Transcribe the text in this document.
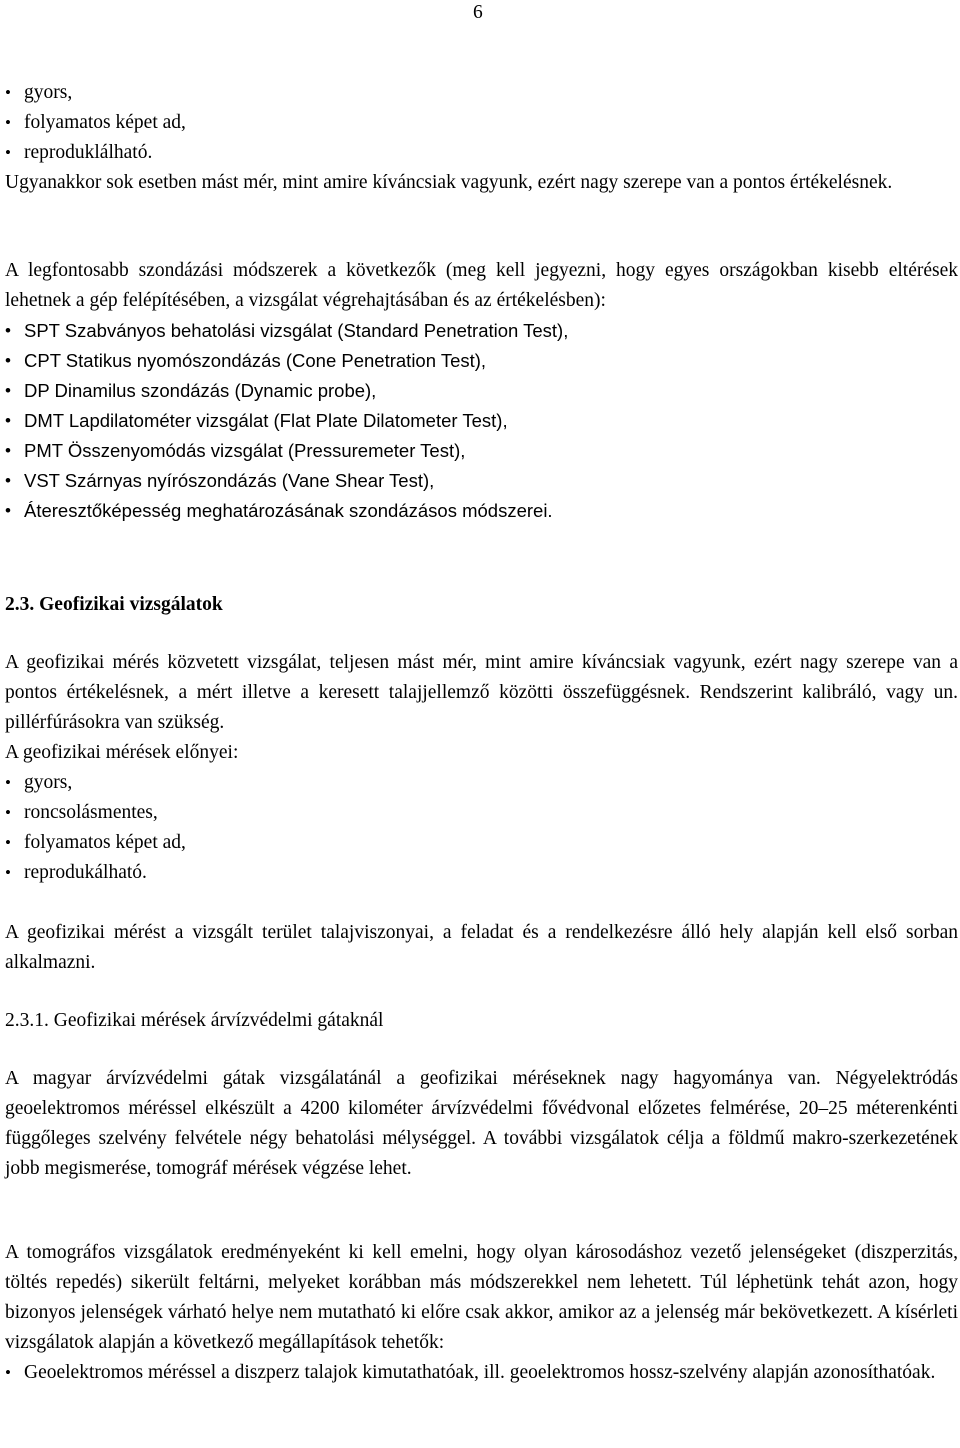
6
• gyors,
• folyamatos képet ad,
• reproduklálható.

Ugyanakkor sok esetben mást mér, mint amire kíváncsiak vagyunk, ezért nagy szerepe van a pontos értékelésnek.

A legfontosabb szondázási módszerek a következők (meg kell jegyezni, hogy egyes országokban kisebb eltérések lehetnek a gép felépítésében, a vizsgálat végrehajtásában és az értékelésben):

• SPT Szabványos behatolási vizsgálat (Standard Penetration Test),
• CPT Statikus nyomószondázás (Cone Penetration Test),
• DP Dinamilus szondázás (Dynamic probe),
• DMT Lapdilatométer vizsgálat (Flat Plate Dilatometer Test),
• PMT Összenyomódás vizsgálat (Pressuremeter Test),
• VST Szárnyas nyírószondázás (Vane Shear Test),
• Áteresztőképesség meghatározásának szondázásos módszerei.
2.3. Geofizikai vizsgálatok

A geofizikai mérés közvetett vizsgálat, teljesen mást mér, mint amire kíváncsiak vagyunk, ezért nagy szerepe van a pontos értékelésnek, a mért illetve a keresett talajjellemző közötti összefüggésnek. Rendszerint kalibráló, vagy un. pillérfúrásokra van szükség.

A geofizikai mérések előnyei:

• gyors,
• roncsolásmentes,
• folyamatos képet ad,
• reprodukálható.

A geofizikai mérést a vizsgált terület talajviszonyai, a feladat és a rendelkezésre álló hely alapján kell első sorban alkalmazni.

2.3.1. Geofizikai mérések árvízvédelmi gátaknál

A magyar árvízvédelmi gátak vizsgálatánál a geofizikai méréseknek nagy hagyománya van. Négyelektródás geoelektromos méréssel elkészült a 4200 kilométer árvízvédelmi fővédvonal előzetes felmérése, 20–25 méterenkénti függőleges szelvény felvétele négy behatolási mélységgel. A további vizsgálatok célja a földmű makro-szerkezetének jobb megismerése, tomográf mérések végzése lehet.

A tomográfos vizsgálatok eredményeként ki kell emelni, hogy olyan károsodáshoz vezető jelenségeket (diszperzitás, töltés repedés) sikerült feltárni, melyeket korábban más módszerekkel nem lehetett. Túl léphetünk tehát azon, hogy bizonyos jelenségek várható helye nem mutatható ki előre csak akkor, amikor az a jelenség már bekövetkezett. A kísérleti vizsgálatok alapján a következő megállapítások tehetők:

• Geoelektromos méréssel a diszperz talajok kimutathatóak, ill. geoelektromos hossz-szelvény alapján azonosíthatóak.
